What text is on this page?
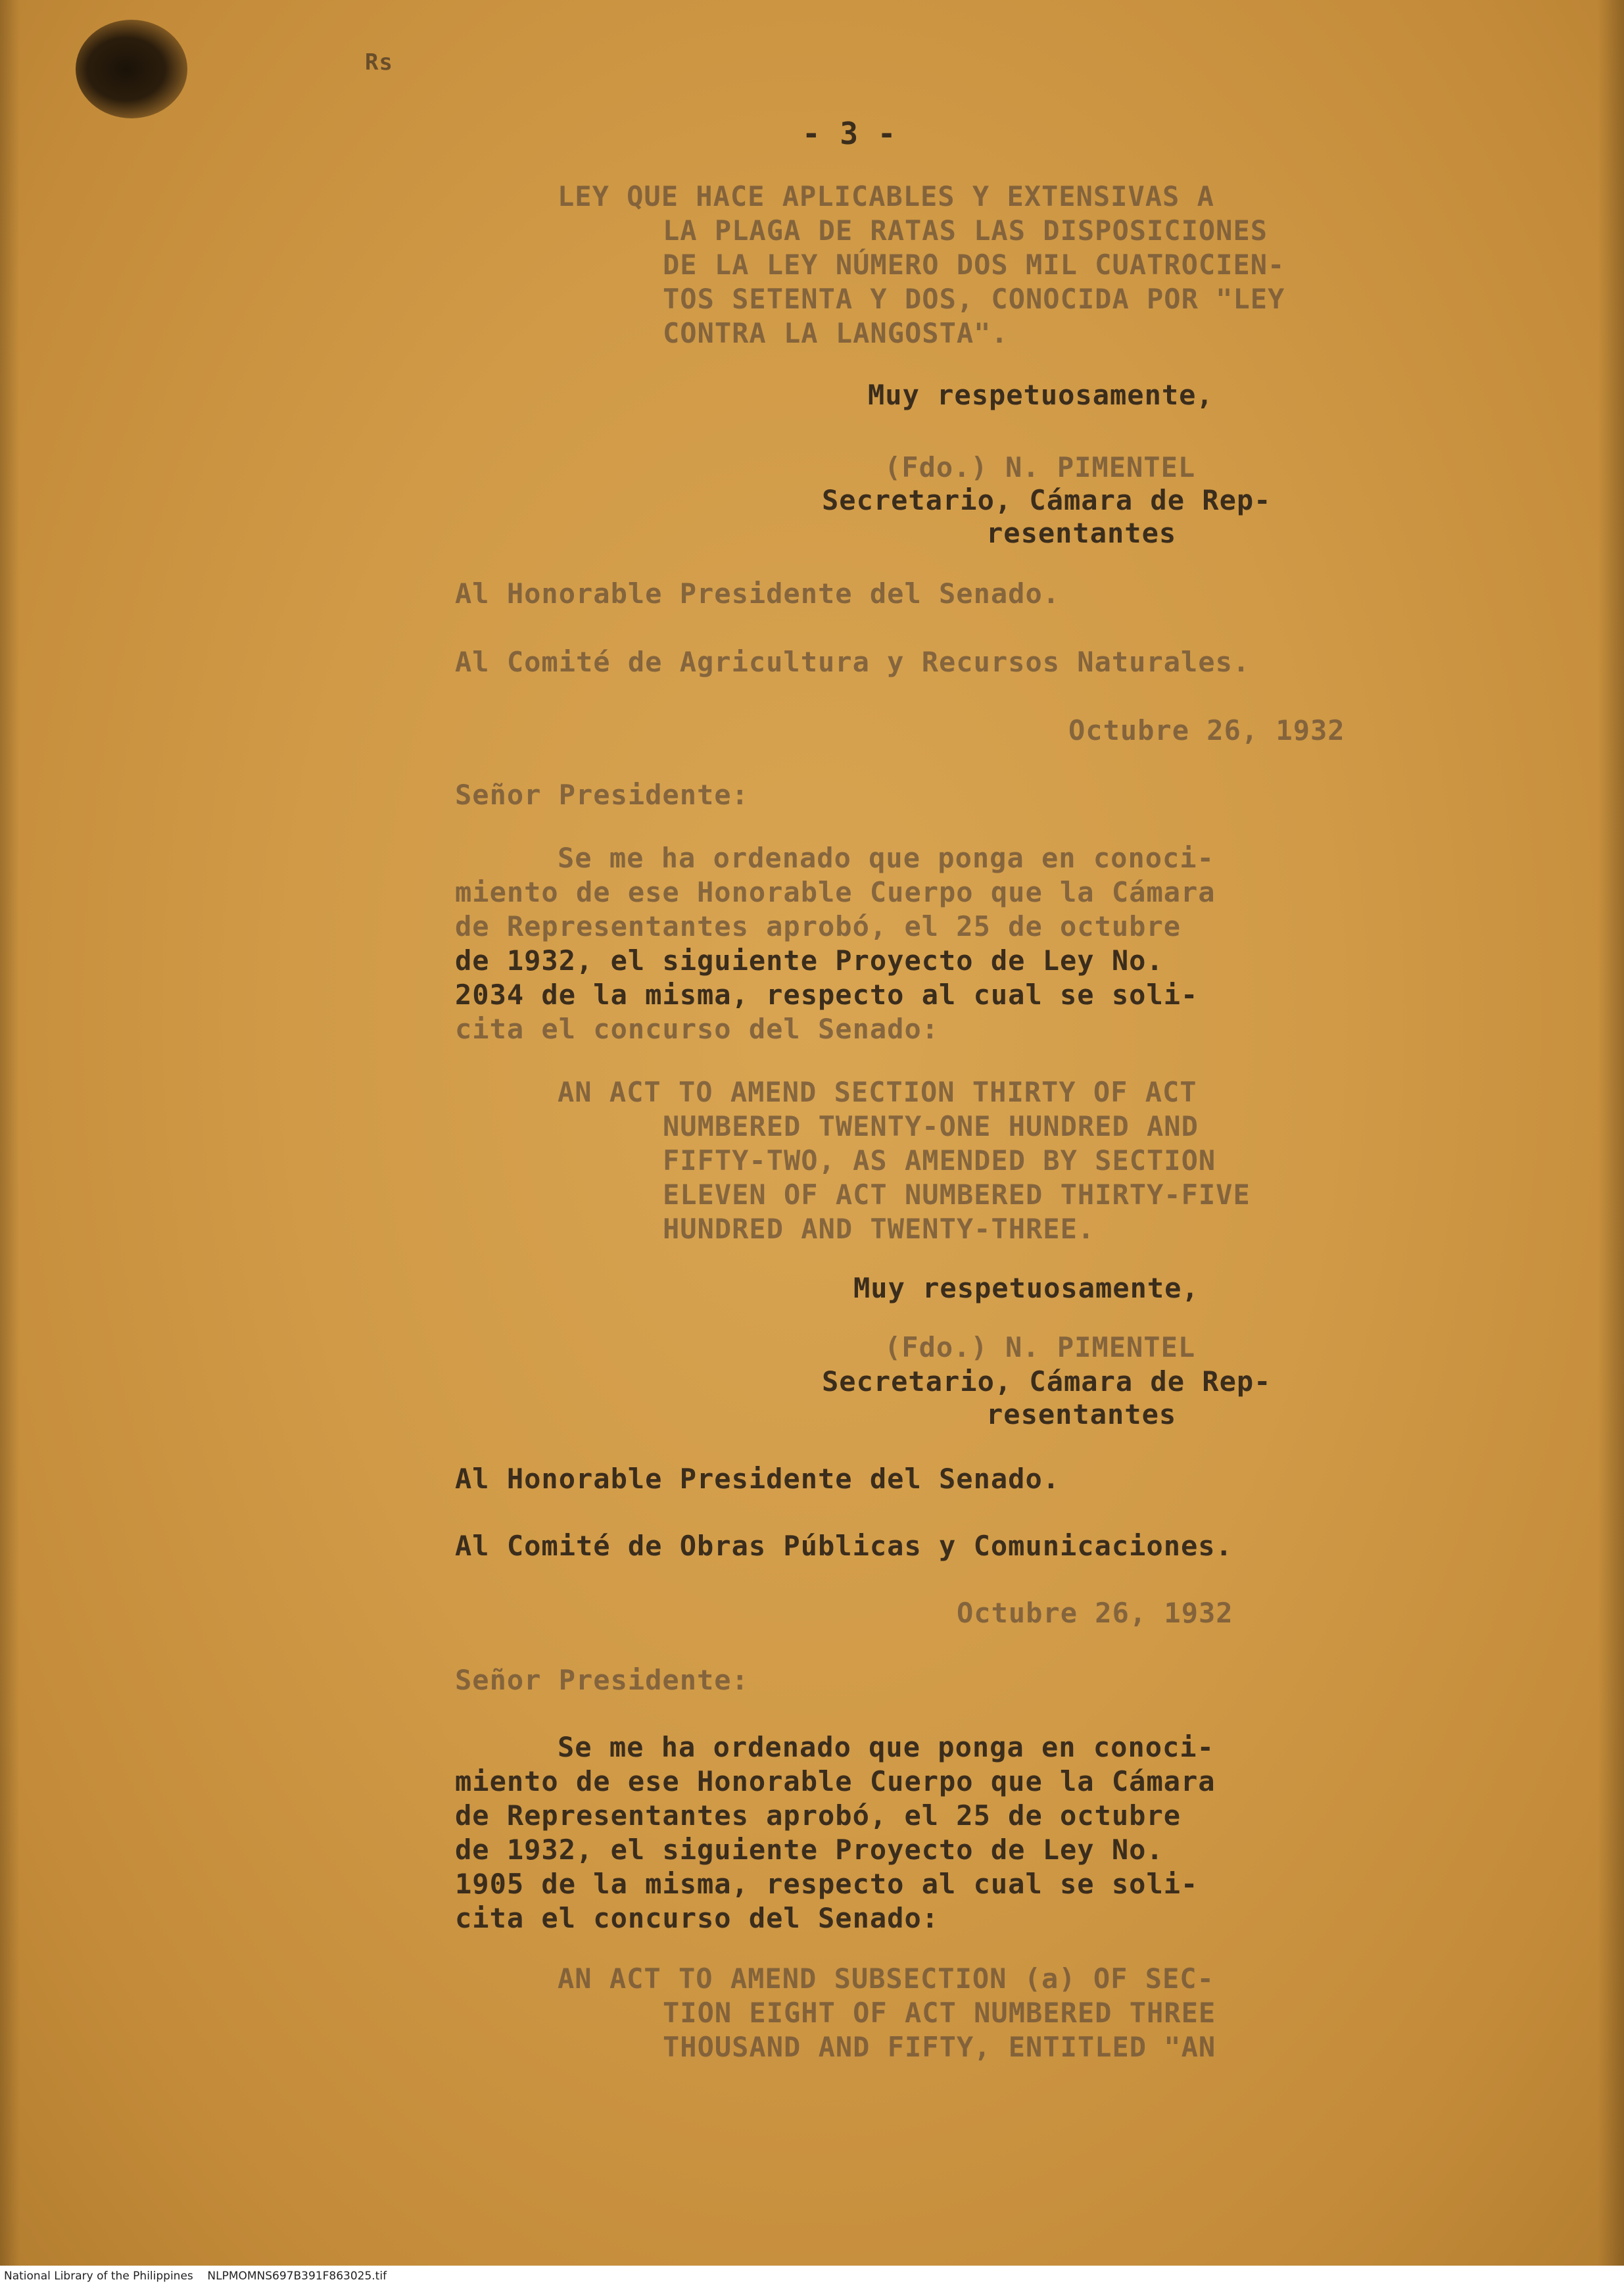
Rs
- 3 -
LEY QUE HACE APLICABLES Y EXTENSIVAS A
LA PLAGA DE RATAS LAS DISPOSICIONES
DE LA LEY NÚMERO DOS MIL CUATROCIEN-
TOS SETENTA Y DOS, CONOCIDA POR "LEY
CONTRA LA LANGOSTA".
Muy respetuosamente,
(Fdo.) N. PIMENTEL
Secretario, Cámara de Rep-
resentantes
Al Honorable Presidente del Senado.
Al Comité de Agricultura y Recursos Naturales.
Octubre 26, 1932
Señor Presidente:
Se me ha ordenado que ponga en conoci-
miento de ese Honorable Cuerpo que la Cámara
de Representantes aprobó, el 25 de octubre
de 1932, el siguiente Proyecto de Ley No.
2034 de la misma, respecto al cual se soli-
cita el concurso del Senado:
AN ACT TO AMEND SECTION THIRTY OF ACT
NUMBERED TWENTY-ONE HUNDRED AND
FIFTY-TWO, AS AMENDED BY SECTION
ELEVEN OF ACT NUMBERED THIRTY-FIVE
HUNDRED AND TWENTY-THREE.
Muy respetuosamente,
(Fdo.) N. PIMENTEL
Secretario, Cámara de Rep-
resentantes
Al Honorable Presidente del Senado.
Al Comité de Obras Públicas y Comunicaciones.
Octubre 26, 1932
Señor Presidente:
Se me ha ordenado que ponga en conoci-
miento de ese Honorable Cuerpo que la Cámara
de Representantes aprobó, el 25 de octubre
de 1932, el siguiente Proyecto de Ley No.
1905 de la misma, respecto al cual se soli-
cita el concurso del Senado:
AN ACT TO AMEND SUBSECTION (a) OF SEC-
TION EIGHT OF ACT NUMBERED THREE
THOUSAND AND FIFTY, ENTITLED "AN
National Library of the Philippines    NLPMOMNS697B391F863025.tif
